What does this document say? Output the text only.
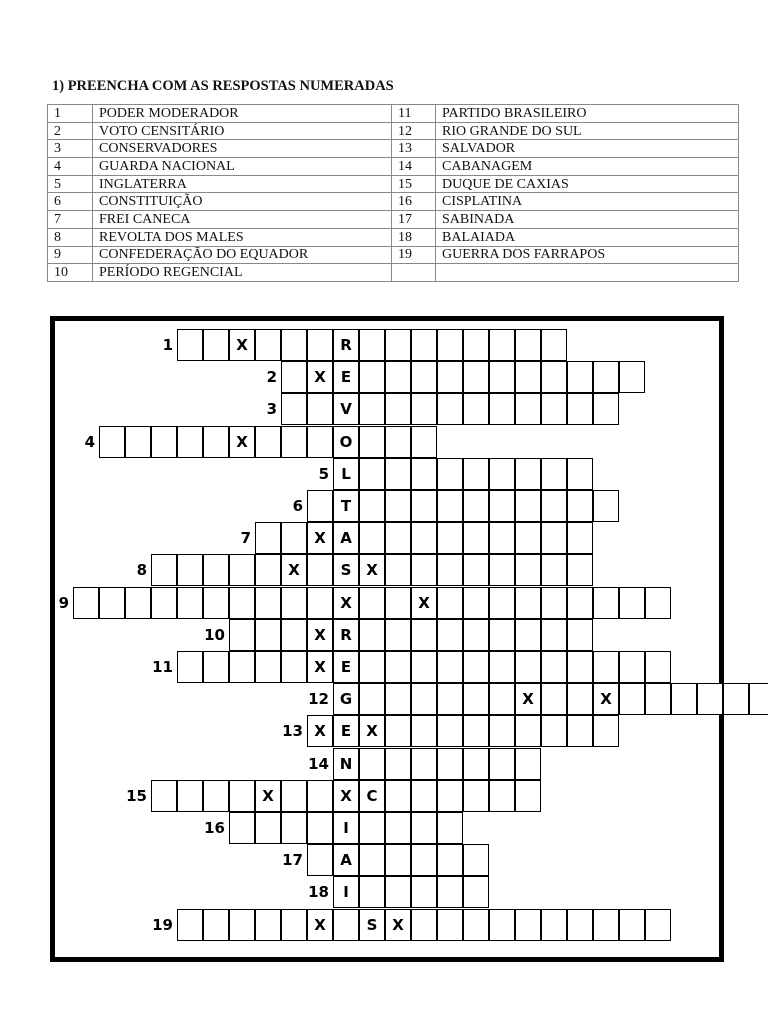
1) PREENCHA COM AS RESPOSTAS NUMERADAS
1	PODER MODERADOR	11	PARTIDO BRASILEIRO
2	VOTO CENSITÁRIO	12	RIO GRANDE DO SUL
3	CONSERVADORES	13	SALVADOR
4	GUARDA NACIONAL	14	CABANAGEM
5	INGLATERRA	15	DUQUE DE CAXIAS
6	CONSTITUIÇÃO	16	CISPLATINA
7	FREI CANECA	17	SABINADA
8	REVOLTA DOS MALES	18	BALAIADA
9	CONFEDERAÇÃO DO EQUADOR	19	GUERRA DOS FARRAPOS
10	PERÍODO REGENCIAL		
1	X	R
2	X	E
3	V
4	X	O
5 L
6	T
7	X A
8	X	S X
9	X	X
10	X R
11	X	E
12 G	X	X
13 X	E	X
14 N
15	X	X C
16	I
17	A
18 I
19	X	S X
